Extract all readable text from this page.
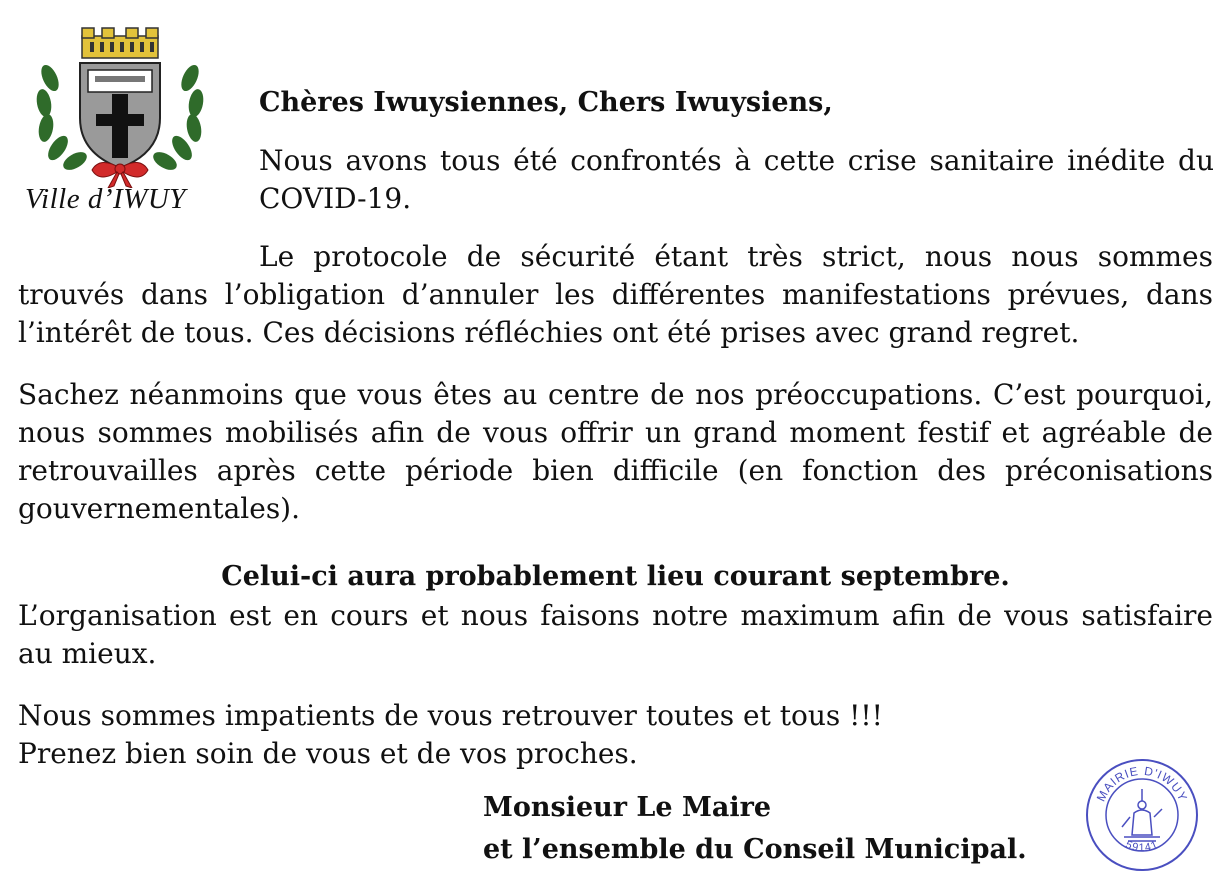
Ville d’IWUY

Chères Iwuysiennes, Chers Iwuysiens,

Nous avons tous été confrontés à cette crise sanitaire inédite du COVID-19.

Le protocole de sécurité étant très strict, nous nous sommes trouvés dans l’obligation d’annuler les différentes manifestations prévues, dans l’intérêt de tous. Ces décisions réfléchies ont été prises avec grand regret.

Sachez néanmoins que vous êtes au centre de nos préoccupations. C’est pourquoi, nous sommes mobilisés afin de vous offrir un grand moment festif et agréable de retrouvailles après cette période bien difficile (en fonction des préconisations gouvernementales).

Celui-ci aura probablement lieu courant septembre.

L’organisation est en cours et nous faisons notre maximum afin de vous satisfaire au mieux.

Nous sommes impatients de vous retrouver toutes et tous !!!

Prenez bien soin de vous et de vos proches.

Monsieur Le Maire

et l’ensemble du Conseil Municipal.

MAIRIE D'IWUY
59141
